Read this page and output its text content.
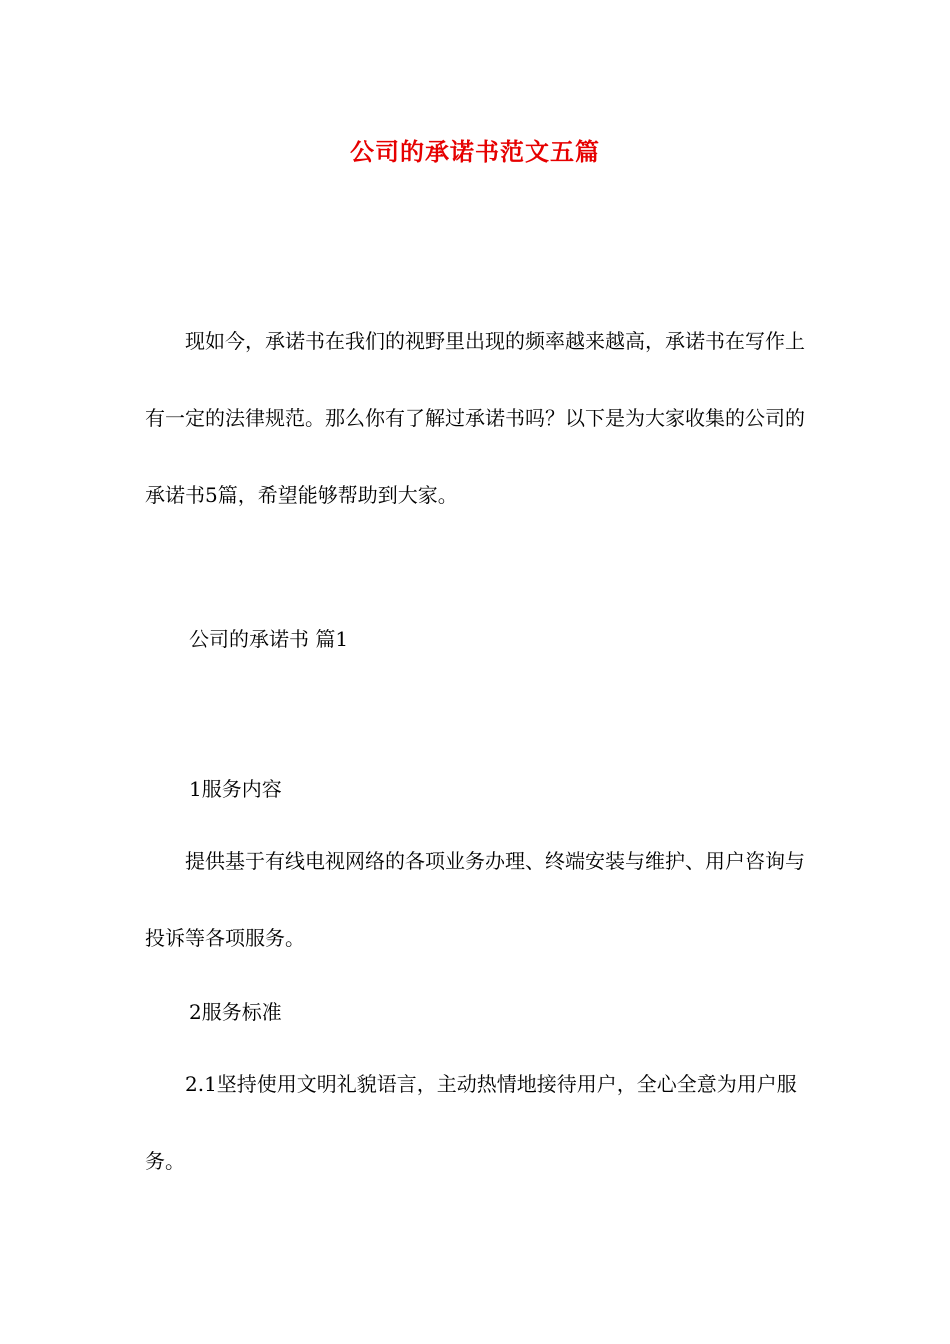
公司的承诺书范文五篇

现如今，承诺书在我们的视野里出现的频率越来越高，承诺书在写作上有一定的法律规范。那么你有了解过承诺书吗？以下是为大家收集的公司的承诺书5篇，希望能够帮助到大家。

公司的承诺书 篇1

1服务内容

提供基于有线电视网络的各项业务办理、终端安装与维护、用户咨询与投诉等各项服务。

2服务标准

2.1坚持使用文明礼貌语言，主动热情地接待用户，全心全意为用户服务。
